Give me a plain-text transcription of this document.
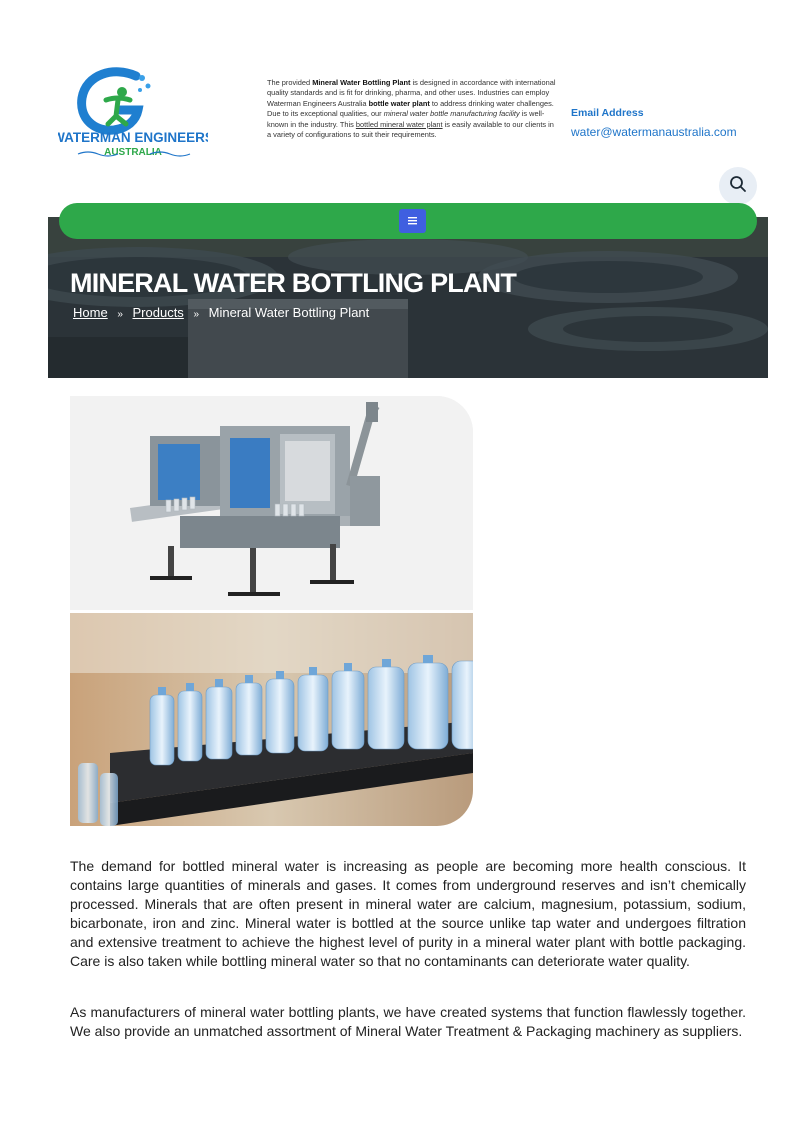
WATERMAN ENGINEERS
AUSTRALIA
The provided Mineral Water Bottling Plant is designed in accordance with international quality standards and is fit for drinking, pharma, and other uses. Industries can employ Waterman Engineers Australia bottle water plant to address drinking water challenges. Due to its exceptional qualities, our mineral water bottle manufacturing facility is well-known in the industry. This bottled mineral water plant is easily available to our clients in a variety of configurations to suit their requirements.
Email Address
water@watermanaustralia.com
MINERAL WATER BOTTLING PLANT
Home » Products » Mineral Water Bottling Plant

The demand for bottled mineral water is increasing as people are becoming more health conscious. It contains large quantities of minerals and gases. It comes from underground reserves and isn’t chemically processed. Minerals that are often present in mineral water are calcium, magnesium, potassium, sodium, bicarbonate, iron and zinc. Mineral water is bottled at the source unlike tap water and undergoes filtration and extensive treatment to achieve the highest level of purity in a mineral water plant with bottle packaging. Care is also taken while bottling mineral water so that no contaminants can deteriorate water quality.

As manufacturers of mineral water bottling plants, we have created systems that function flawlessly together. We also provide an unmatched assortment of Mineral Water Treatment & Packaging machinery as suppliers.
